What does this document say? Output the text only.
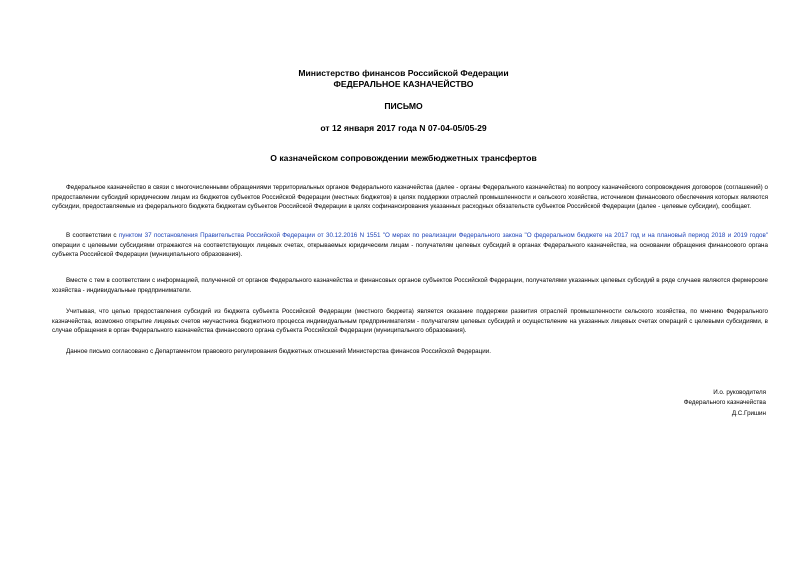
Министерство финансов Российской Федерации
ФЕДЕРАЛЬНОЕ КАЗНАЧЕЙСТВО
ПИСЬМО
от 12 января 2017 года N 07-04-05/05-29
О казначейском сопровождении межбюджетных трансфертов

Федеральное казначейство в связи с многочисленными обращениями территориальных органов Федерального казначейства (далее - органы Федерального казначейства) по вопросу казначейского сопровождения договоров (соглашений) о предоставлении субсидий юридическим лицам из бюджетов субъектов Российской Федерации (местных бюджетов) в целях поддержки отраслей промышленности и сельского хозяйства, источником финансового обеспечения которых являются субсидии, предоставляемые из федерального бюджета бюджетам субъектов Российской Федерации в целях софинансирования указанных расходных обязательств субъектов Российской Федерации (далее - целевые субсидии), сообщает.

В соответствии с пунктом 37 постановления Правительства Российской Федерации от 30.12.2016 N 1551 "О мерах по реализации Федерального закона "О федеральном бюджете на 2017 год и на плановый период 2018 и 2019 годов" операции с целевыми субсидиями отражаются на соответствующих лицевых счетах, открываемых юридическим лицам - получателям целевых субсидий в органах Федерального казначейства, на основании обращения финансового органа субъекта Российской Федерации (муниципального образования).

Вместе с тем в соответствии с информацией, полученной от органов Федерального казначейства и финансовых органов субъектов Российской Федерации, получателями указанных целевых субсидий в ряде случаев являются фермерские хозяйства - индивидуальные предприниматели.

Учитывая, что целью предоставления субсидий из бюджета субъекта Российской Федерации (местного бюджета) является оказание поддержки развития отраслей промышленности сельского хозяйства, по мнению Федерального казначейства, возможно открытие лицевых счетов неучастника бюджетного процесса индивидуальным предпринимателям - получателям целевых субсидий и осуществление на указанных лицевых счетах операций с целевыми субсидиями, в случае обращения в орган Федерального казначейства финансового органа субъекта Российской Федерации (муниципального образования).

Данное письмо согласовано с Департаментом правового регулирования бюджетных отношений Министерства финансов Российской Федерации.

И.о. руководителя
Федерального казначейства
Д.С.Гришин
